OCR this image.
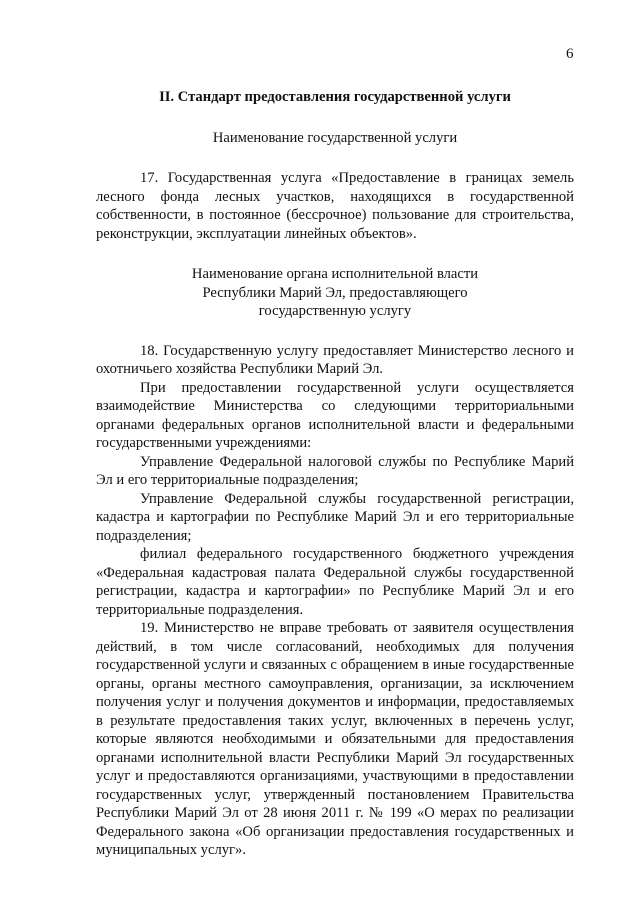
6
II. Стандарт предоставления государственной услуги
Наименование государственной услуги

17. Государственная услуга «Предоставление в границах земель лесного фонда лесных участков, находящихся в государственной собственности, в постоянное (бессрочное) пользование для строительства, реконструкции, эксплуатации линейных объектов».

Наименование органа исполнительной власти
Республики Марий Эл, предоставляющего
государственную услугу

18. Государственную услугу предоставляет Министерство лесного и охотничьего хозяйства Республики Марий Эл.

При предоставлении государственной услуги осуществляется взаимодействие Министерства со следующими территориальными органами федеральных органов исполнительной власти и федеральными государственными учреждениями:

Управление Федеральной налоговой службы по Республике Марий Эл и его территориальные подразделения;

Управление Федеральной службы государственной регистрации, кадастра и картографии по Республике Марий Эл и его территориальные подразделения;

филиал федерального государственного бюджетного учреждения «Федеральная кадастровая палата Федеральной службы государственной регистрации, кадастра и картографии» по Республике Марий Эл и его территориальные подразделения.

19. Министерство не вправе требовать от заявителя осуществления действий, в том числе согласований, необходимых для получения государственной услуги и связанных с обращением в иные государственные органы, органы местного самоуправления, организации, за исключением получения услуг и получения документов и информации, предоставляемых в результате предоставления таких услуг, включенных в перечень услуг, которые являются необходимыми и обязательными для предоставления органами исполнительной власти Республики Марий Эл государственных услуг и предоставляются организациями, участвующими в предоставлении государственных услуг, утвержденный постановлением Правительства Республики Марий Эл от 28 июня 2011 г. № 199 «О мерах по реализации Федерального закона «Об организации предоставления государственных и муниципальных услуг».
